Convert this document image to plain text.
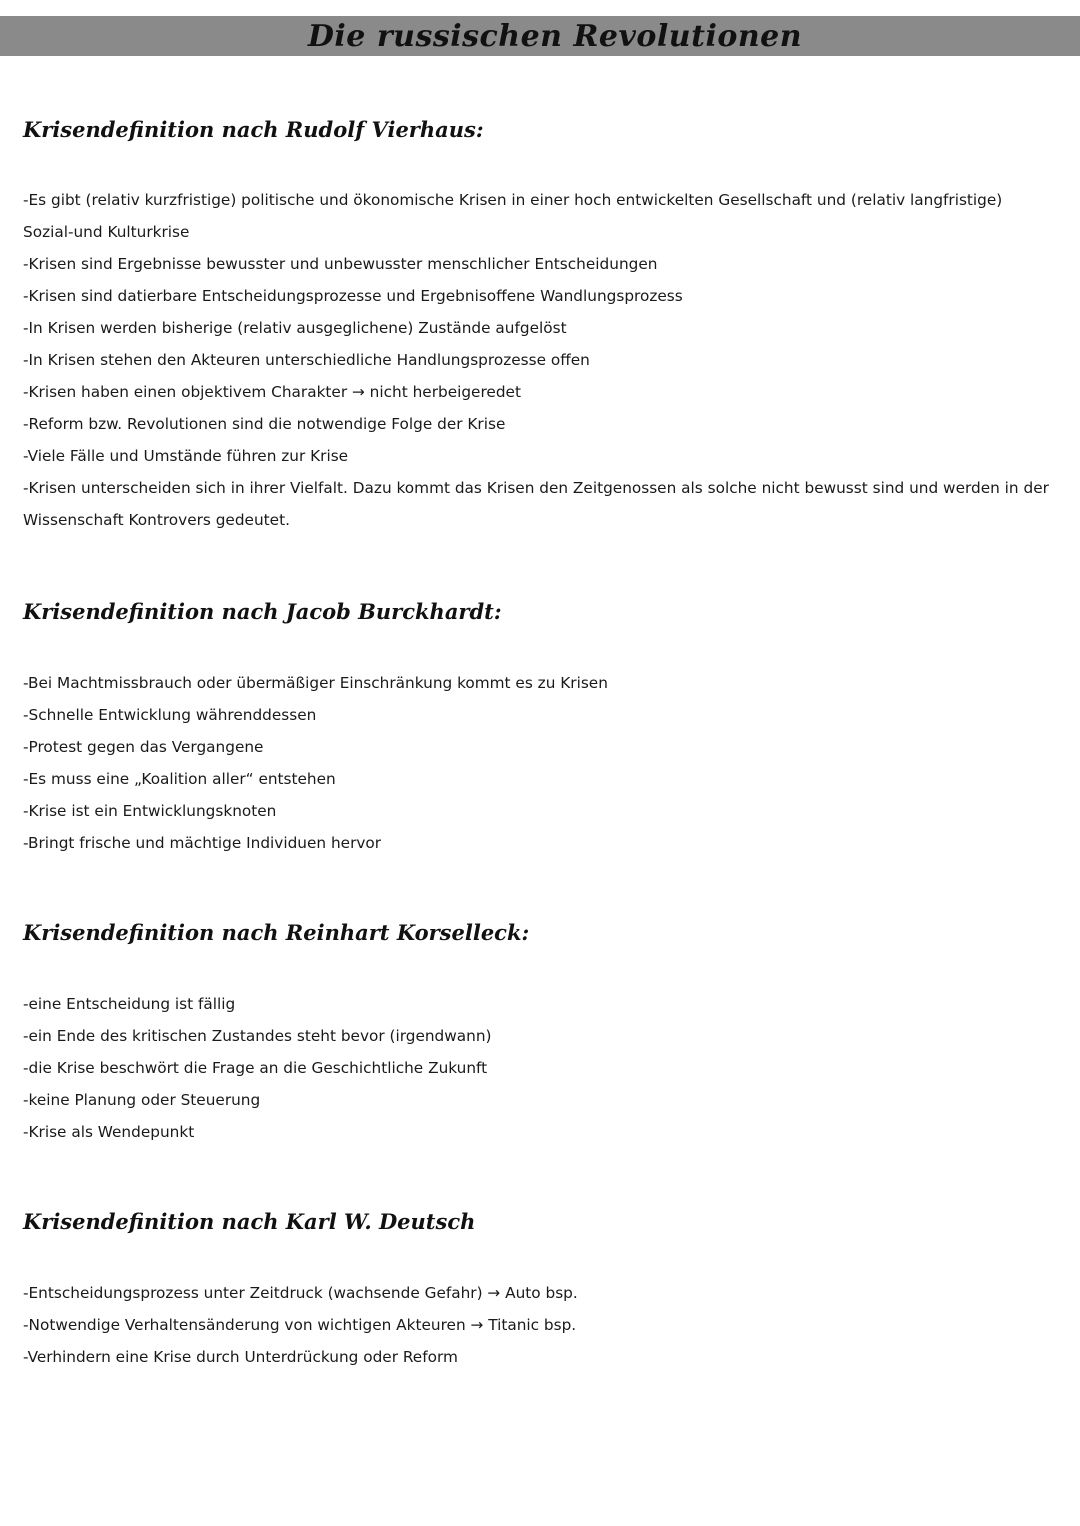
Die russischen Revolutionen
Krisendefinition nach Rudolf Vierhaus:
-Es gibt (relativ kurzfristige) politische und ökonomische Krisen in einer hoch entwickelten Gesellschaft und (relativ langfristige) Sozial-und Kulturkrise
-Krisen sind Ergebnisse bewusster und unbewusster menschlicher Entscheidungen
-Krisen sind datierbare Entscheidungsprozesse und Ergebnisoffene Wandlungsprozess
-In Krisen werden bisherige (relativ ausgeglichene) Zustände aufgelöst
-In Krisen stehen den Akteuren unterschiedliche Handlungsprozesse offen
-Krisen haben einen objektivem Charakter → nicht herbeigeredet
-Reform bzw. Revolutionen sind die notwendige Folge der Krise
-Viele Fälle und Umstände führen zur Krise
-Krisen unterscheiden sich in ihrer Vielfalt. Dazu kommt das Krisen den Zeitgenossen als solche nicht bewusst sind und werden in der Wissenschaft Kontrovers gedeutet.
Krisendefinition nach Jacob Burckhardt:
-Bei Machtmissbrauch oder übermäßiger Einschränkung kommt es zu Krisen
-Schnelle Entwicklung währenddessen
-Protest gegen das Vergangene
-Es muss eine „Koalition aller“ entstehen
-Krise ist ein Entwicklungsknoten
-Bringt frische und mächtige Individuen hervor
Krisendefinition nach Reinhart Korselleck:
-eine Entscheidung ist fällig
-ein Ende des kritischen Zustandes steht bevor (irgendwann)
-die Krise beschwört die Frage an die Geschichtliche Zukunft
-keine Planung oder Steuerung
-Krise als Wendepunkt
Krisendefinition nach Karl W. Deutsch
-Entscheidungsprozess unter Zeitdruck (wachsende Gefahr) → Auto bsp.
-Notwendige Verhaltensänderung von wichtigen Akteuren → Titanic bsp.
-Verhindern eine Krise durch Unterdrückung oder Reform
